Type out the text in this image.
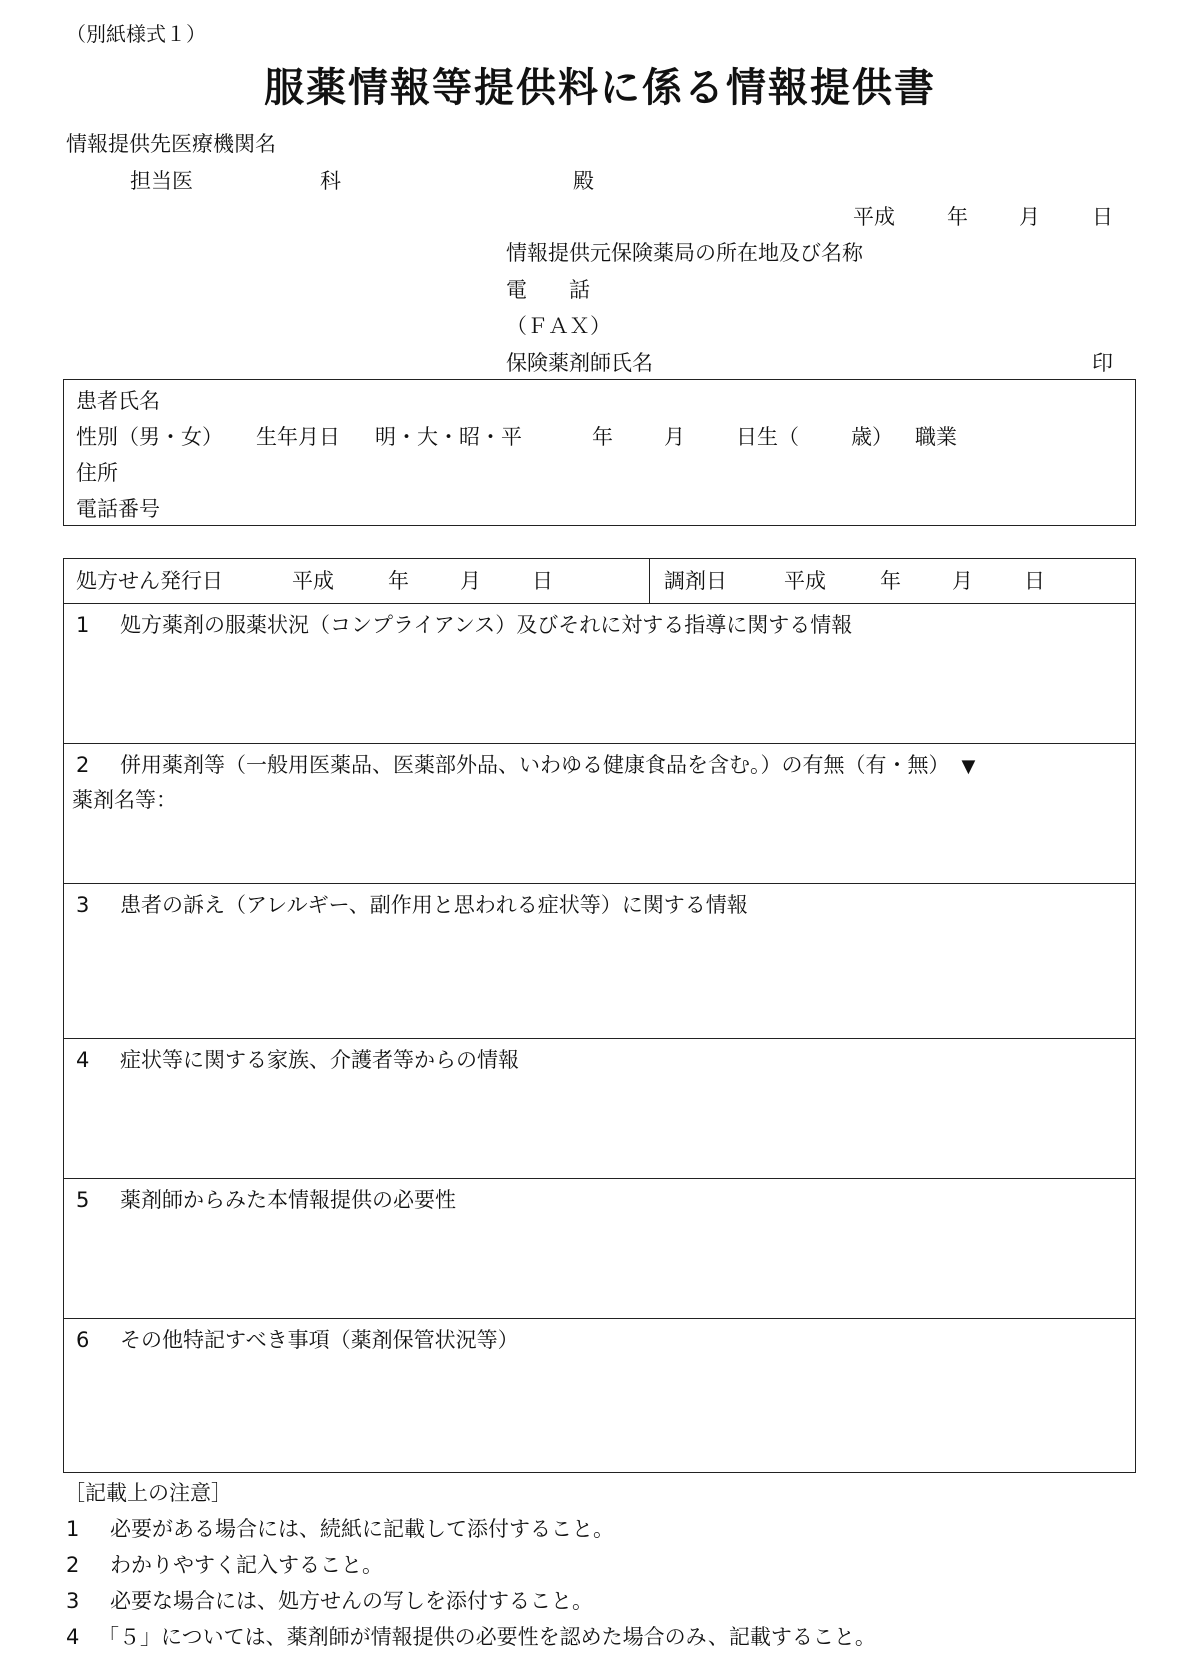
（別紙様式１）
服薬情報等提供料に係る情報提供書
情報提供先医療機関名
担当医	科	殿
平成 年 月 日
情報提供元保険薬局の所在地及び名称
電　　話
（ＦＡＸ）
保険薬剤師氏名	印
患者氏名
性別（男・女） 生年月日 明・大・昭・平	年 月 日生（ 歳） 職業
住所
電話番号
処方せん発行日	平成	年 月 日	調剤日	平成	年 月 日
1 処方薬剤の服薬状況（コンプライアンス）及びそれに対する指導に関する情報
2 併用薬剤等（一般用医薬品、医薬部外品、いわゆる健康食品を含む。）の有無（有・無） ▼
薬剤名等：
3 患者の訴え（アレルギー、副作用と思われる症状等）に関する情報
4 症状等に関する家族、介護者等からの情報
5 薬剤師からみた本情報提供の必要性
6 その他特記すべき事項（薬剤保管状況等）
［記載上の注意］
1 必要がある場合には、続紙に記載して添付すること。
2 わかりやすく記入すること。
3 必要な場合には、処方せんの写しを添付すること。
4 「５」については、薬剤師が情報提供の必要性を認めた場合のみ、記載すること。
